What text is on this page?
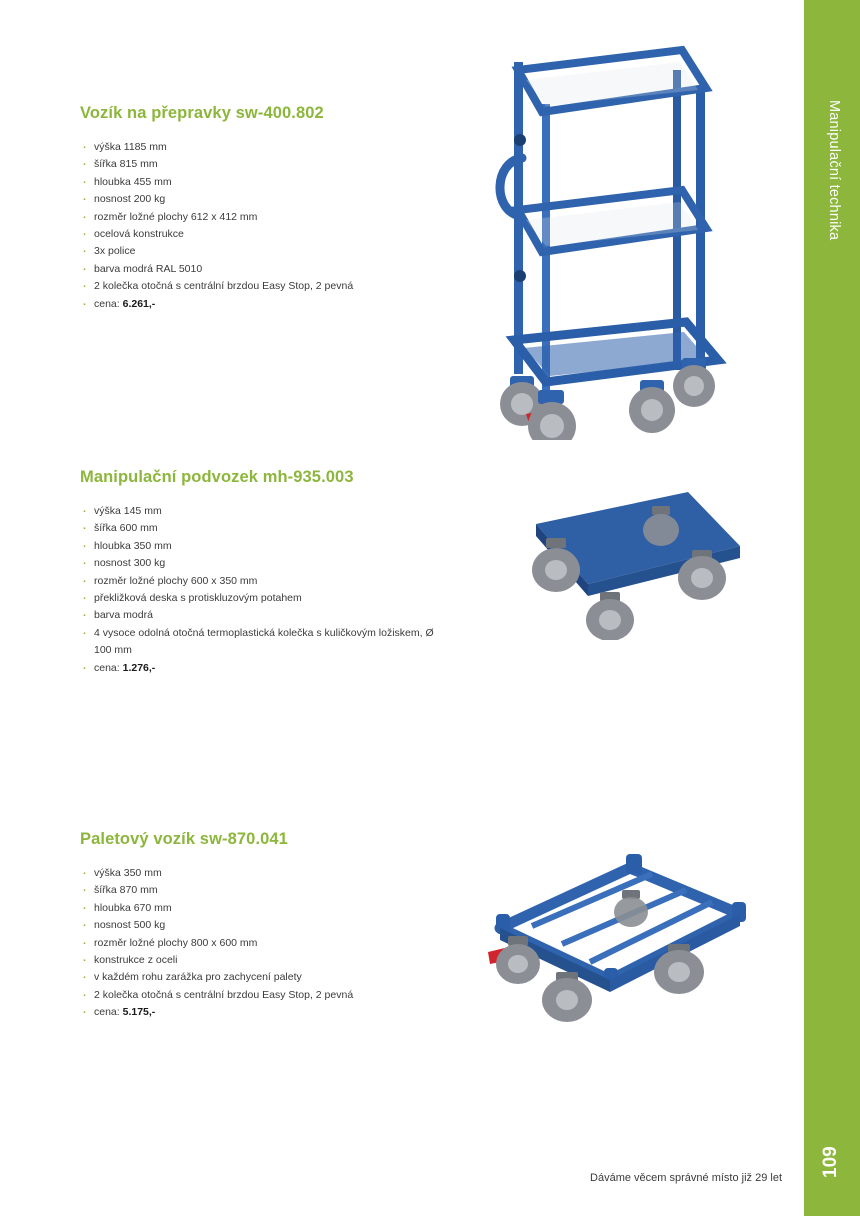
Manipulační technika
109
Vozík na přepravky sw-400.802
· výška 1185 mm
· šířka 815 mm
· hloubka 455 mm
· nosnost 200 kg
· rozměr ložné plochy 612 x 412 mm
· ocelová konstrukce
· 3x police
· barva modrá RAL 5010
· 2 kolečka otočná s centrální brzdou Easy Stop, 2 pevná
· cena: 6.261,-
Manipulační podvozek mh-935.003
· výška 145 mm
· šířka 600 mm
· hloubka 350 mm
· nosnost 300 kg
· rozměr ložné plochy 600 x 350 mm
· překližková deska s protiskluzovým potahem
· barva modrá
· 4 vysoce odolná otočná termoplastická kolečka s kuličkovým ložiskem, Ø 100 mm
· cena: 1.276,-
Paletový vozík sw-870.041
· výška 350 mm
· šířka 870 mm
· hloubka 670 mm
· nosnost 500 kg
· rozměr ložné plochy 800 x 600 mm
· konstrukce z oceli
· v každém rohu zarážka pro zachycení palety
· 2 kolečka otočná s centrální brzdou Easy Stop, 2 pevná
· cena: 5.175,-
Dáváme věcem správné místo již 29 let
